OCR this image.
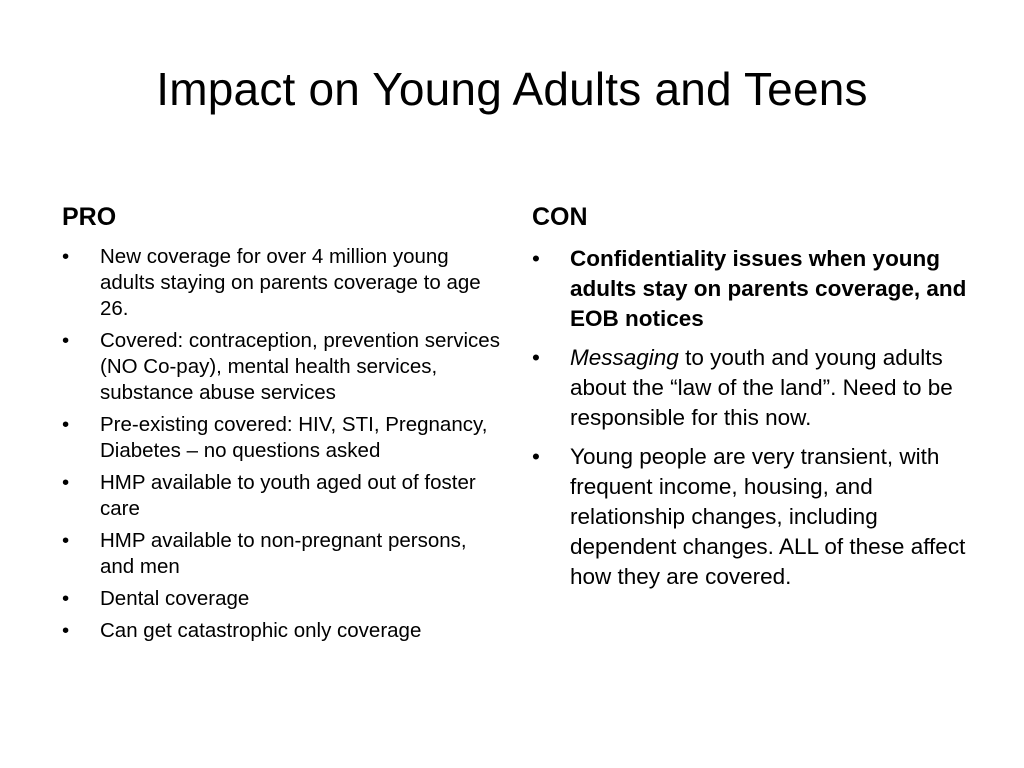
Impact on Young Adults and Teens
PRO
• New coverage for over 4 million young adults staying on parents coverage to age 26.
• Covered: contraception, prevention services (NO Co-pay), mental health services, substance abuse services
• Pre-existing covered: HIV, STI, Pregnancy, Diabetes – no questions asked
• HMP available to youth aged out of foster care
• HMP available to non-pregnant persons, and men
• Dental coverage
• Can get catastrophic only coverage
CON
• Confidentiality issues when young adults stay on parents coverage, and EOB notices
• Messaging to youth and young adults about the “law of the land”. Need to be responsible for this now.
• Young people are very transient, with frequent income, housing, and relationship changes, including dependent changes. ALL of these affect how they are covered.
